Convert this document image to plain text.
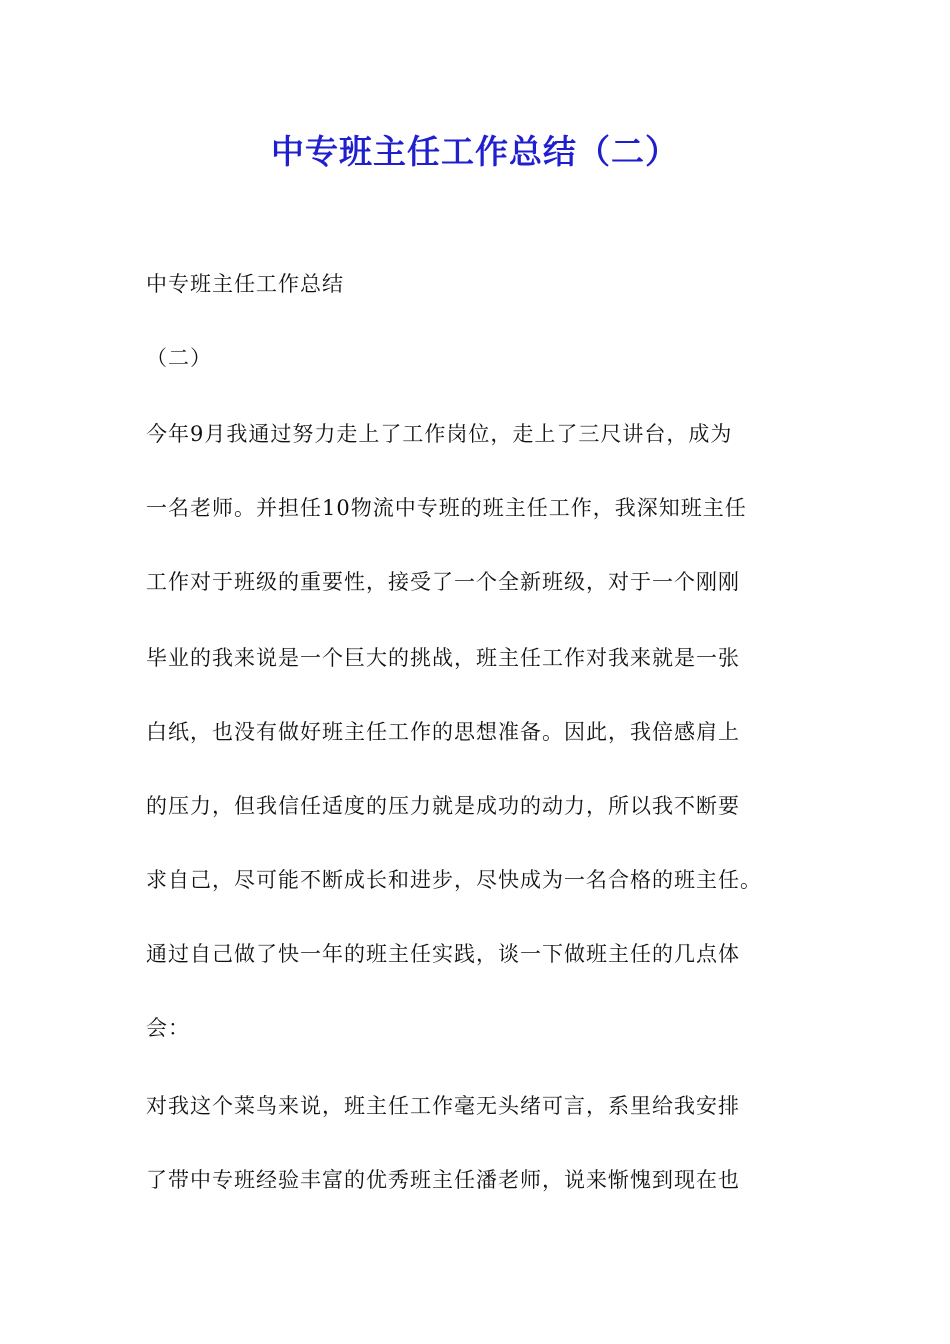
中专班主任工作总结（二）

中专班主任工作总结

（二）

今年9月我通过努力走上了工作岗位，走上了三尺讲台，成为

一名老师。并担任10物流中专班的班主任工作，我深知班主任

工作对于班级的重要性，接受了一个全新班级，对于一个刚刚

毕业的我来说是一个巨大的挑战，班主任工作对我来就是一张

白纸，也没有做好班主任工作的思想准备。因此，我倍感肩上

的压力，但我信任适度的压力就是成功的动力，所以我不断要

求自己，尽可能不断成长和进步，尽快成为一名合格的班主任。

通过自己做了快一年的班主任实践，谈一下做班主任的几点体

会：

对我这个菜鸟来说，班主任工作毫无头绪可言，系里给我安排

了带中专班经验丰富的优秀班主任潘老师，说来惭愧到现在也
